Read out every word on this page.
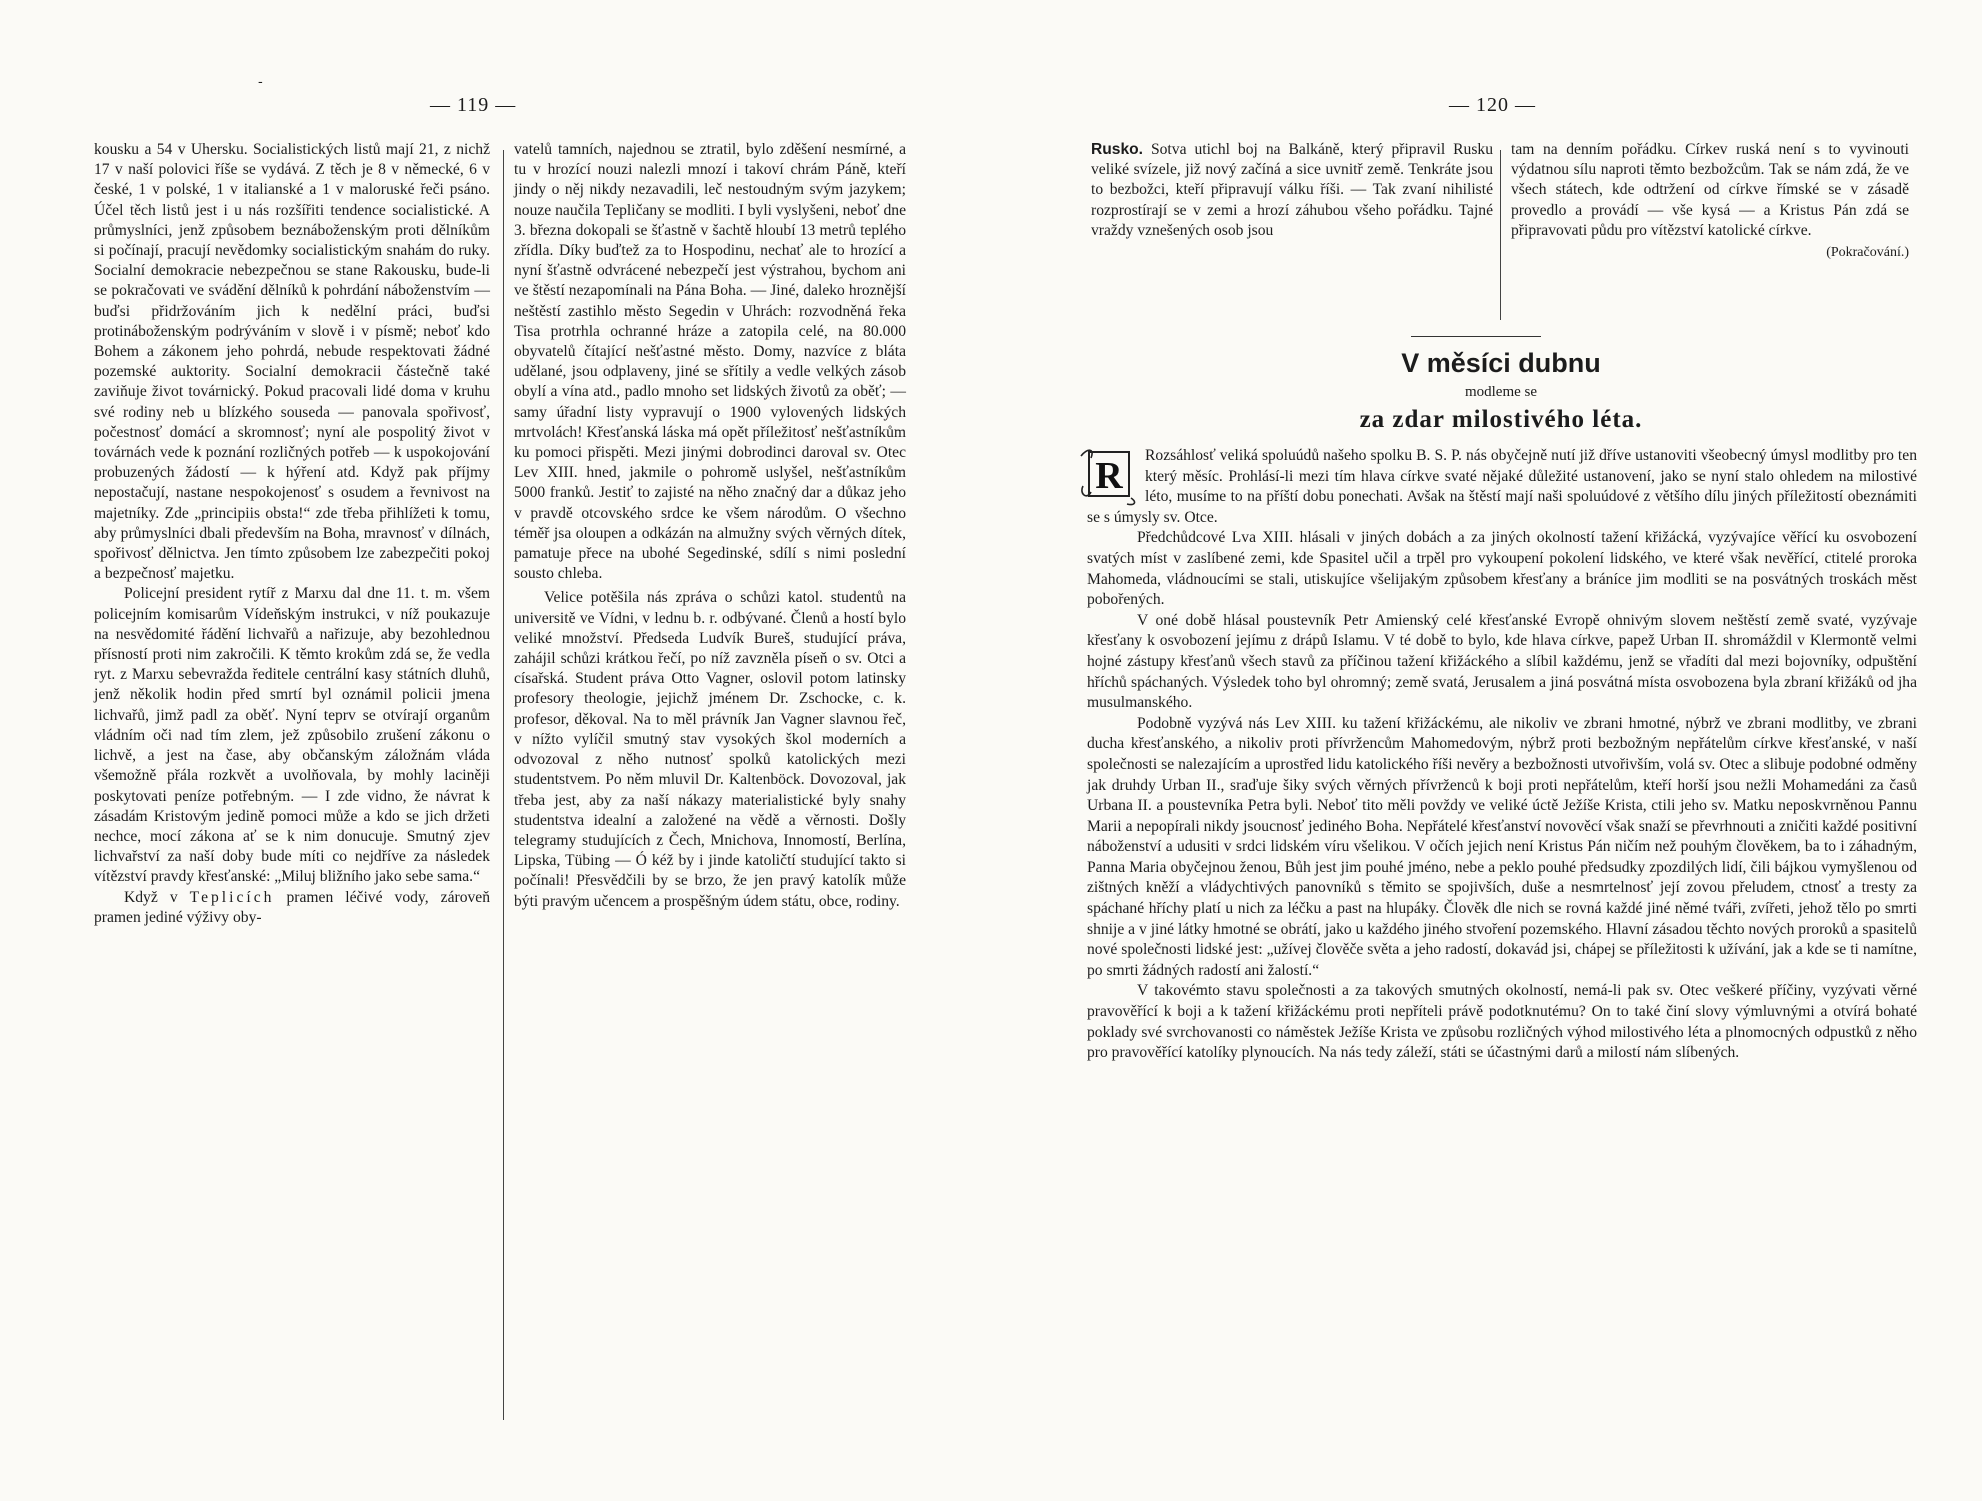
-
— 119 —

kousku a 54 v Uhersku. Socialistických listů mají 21, z nichž 17 v naší polovici říše se vydává. Z těch je 8 v německé, 6 v české, 1 v polské, 1 v italianské a 1 v maloruské řeči psáno. Účel těch listů jest i u nás rozšířiti tendence socialistické. A průmyslníci, jenž způsobem beznáboženským proti dělníkům si počínají, pracují nevědomky socialistickým snahám do ruky. Socialní demokracie nebezpečnou se stane Rakousku, bude-li se pokračovati ve svádění dělníků k pohrdání náboženstvím — buďsi přidržováním jich k nedělní práci, buďsi protináboženským podrýváním v slově i v písmě; neboť kdo Bohem a zákonem jeho pohrdá, nebude respektovati žádné pozemské auktority. Socialní demokracii částečně také zaviňuje život továrnický. Pokud pracovali lidé doma v kruhu své rodiny neb u blízkého souseda — panovala spořivosť, počestnosť domácí a skromnosť; nyní ale pospolitý život v továrnách vede k poznání rozličných potřeb — k uspokojování probuzených žádostí — k hýření atd. Když pak příjmy nepostačují, nastane nespokojenosť s osudem a řevnivost na majetníky. Zde „principiis obsta!“ zde třeba přihlížeti k tomu, aby průmyslníci dbali především na Boha, mravnosť v dílnách, spořivosť dělnictva. Jen tímto způsobem lze zabezpečiti pokoj a bezpečnosť majetku.

Policejní president rytíř z Marxu dal dne 11. t. m. všem policejním komisarům Vídeňským instrukci, v níž poukazuje na nesvědomité řádění lichvařů a nařizuje, aby bezohlednou přísností proti nim zakročili. K těmto krokům zdá se, že vedla ryt. z Marxu sebevražda ředitele centrální kasy státních dluhů, jenž několik hodin před smrtí byl oznámil policii jmena lichvařů, jimž padl za oběť. Nyní teprv se otvírají organům vládním oči nad tím zlem, jež způsobilo zrušení zákonu o lichvě, a jest na čase, aby občanským záložnám vláda všemožně přála rozkvět a uvolňovala, by mohly laciněji poskytovati peníze potřebným. — I zde vidno, že návrat k zásadám Kristovým jedině pomoci může a kdo se jich držeti nechce, mocí zákona ať se k nim donucuje. Smutný zjev lichvařství za naší doby bude míti co nejdříve za následek vítězství pravdy křesťanské: „Miluj bližního jako sebe sama.“

Když v Teplicích pramen léčivé vody, zároveň pramen jediné výživy oby-

vatelů tamních, najednou se ztratil, bylo zděšení nesmírné, a tu v hrozící nouzi nalezli mnozí i takoví chrám Páně, kteří jindy o něj nikdy nezavadili, leč nestoudným svým jazykem; nouze naučila Tepličany se modliti. I byli vyslyšeni, neboť dne 3. března dokopali se šťastně v šachtě hloubí 13 metrů teplého zřídla. Díky buďtež za to Hospodinu, nechať ale to hrozící a nyní šťastně odvrácené nebezpečí jest výstrahou, bychom ani ve štěstí nezapomínali na Pána Boha. — Jiné, daleko hroznější neštěstí zastihlo město Segedin v Uhrách: rozvodněná řeka Tisa protrhla ochranné hráze a zatopila celé, na 80.000 obyvatelů čítající nešťastné město. Domy, nazvíce z bláta udělané, jsou odplaveny, jiné se sřítily a vedle velkých zásob obylí a vína atd., padlo mnoho set lidských životů za oběť; — samy úřadní listy vypravují o 1900 vylovených lidských mrtvolách! Křesťanská láska má opět příležitosť nešťastníkům ku pomoci přispěti. Mezi jinými dobrodinci daroval sv. Otec Lev XIII. hned, jakmile o pohromě uslyšel, nešťastníkům 5000 franků. Jestiť to zajisté na něho značný dar a důkaz jeho v pravdě otcovského srdce ke všem národům. O všechno téměř jsa oloupen a odkázán na almužny svých věrných dítek, pamatuje přece na ubohé Segedinské, sdílí s nimi poslední sousto chleba.

Velice potěšila nás zpráva o schůzi katol. studentů na universitě ve Vídni, v lednu b. r. odbývané. Členů a hostí bylo veliké množství. Předseda Ludvík Bureš, studující práva, zahájil schůzi krátkou řečí, po níž zavzněla píseň o sv. Otci a císařská. Student práva Otto Vagner, oslovil potom latinsky profesory theologie, jejichž jménem Dr. Zschocke, c. k. profesor, děkoval. Na to měl právník Jan Vagner slavnou řeč, v nížto vylíčil smutný stav vysokých škol moderních a odvozoval z něho nutnosť spolků katolických mezi studentstvem. Po něm mluvil Dr. Kaltenböck. Dovozoval, jak třeba jest, aby za naší nákazy materialistické byly snahy studentstva idealní a založené na vědě a věrnosti. Došly telegramy studujících z Čech, Mnichova, Innomostí, Berlína, Lipska, Tübing — Ó kéž by i jinde katoličtí studující takto si počínali! Přesvědčili by se brzo, že jen pravý katolík může býti pravým učencem a prospěšným údem státu, obce, rodiny.

— 120 —

Rusko. Sotva utichl boj na Balkáně, který připravil Rusku veliké svízele, již nový začíná a sice uvnitř země. Tenkráte jsou to bezbožci, kteří připravují válku říši. — Tak zvaní nihilisté rozprostírají se v zemi a hrozí záhubou všeho pořádku. Tajné vraždy vznešených osob jsou

tam na denním pořádku. Církev ruská není s to vyvinouti výdatnou sílu naproti těmto bezbožcům. Tak se nám zdá, že ve všech státech, kde odtržení od církve římské se v zásadě provedlo a provádí — vše kysá — a Kristus Pán zdá se připravovati půdu pro vítězství katolické církve.

(Pokračování.)

V měsíci dubnu
modleme se
za zdar milostivého léta.
R	Rozsáhlosť veliká spoluúdů našeho spolku B. S. P. nás obyčejně nutí již dříve ustanoviti všeobecný úmysl modlitby pro ten který měsíc. Prohlásí-li mezi tím hlava církve svaté nějaké důležité ustanovení, jako se nyní stalo ohledem na milostivé léto, musíme to na příští dobu ponechati. Avšak na štěstí mají naši spoluúdové z většího dílu jiných příležitostí obeznámiti se s úmysly sv. Otce.

Předchůdcové Lva XIII. hlásali v jiných dobách a za jiných okolností tažení křižácká, vyzývajíce věřící ku osvobození svatých míst v zaslíbené zemi, kde Spasitel učil a trpěl pro vykoupení pokolení lidského, ve které však nevěřící, ctitelé proroka Mahomeda, vládnoucími se stali, utiskujíce všelijakým způsobem křesťany a bráníce jim modliti se na posvátných troskách měst pobořených.

V oné době hlásal poustevník Petr Amienský celé křesťanské Evropě ohnivým slovem neštěstí země svaté, vyzývaje křesťany k osvobození jejímu z drápů Islamu. V té době to bylo, kde hlava církve, papež Urban II. shromáždil v Klermontě velmi hojné zástupy křesťanů všech stavů za příčinou tažení křižáckého a slíbil každému, jenž se vřadíti dal mezi bojovníky, odpuštění hříchů spáchaných. Výsledek toho byl ohromný; země svatá, Jerusalem a jiná posvátná místa osvobozena byla zbraní křižáků od jha musulmanského.

Podobně vyzývá nás Lev XIII. ku tažení křižáckému, ale nikoliv ve zbrani hmotné, nýbrž ve zbrani modlitby, ve zbrani ducha křesťanského, a nikoliv proti přívržencům Mahomedovým, nýbrž proti bezbožným nepřátelům církve křesťanské, v naší společnosti se nalezajícím a uprostřed lidu katolického říši nevěry a bezbožnosti utvořivším, volá sv. Otec a slibuje podobné odměny jak druhdy Urban II., sraďuje šiky svých věrných přívrženců k boji proti nepřátelům, kteří horší jsou nežli Mohamedáni za časů Urbana II. a poustevníka Petra byli. Neboť tito měli povždy ve veliké úctě Ježíše Krista, ctili jeho sv. Matku neposkvrněnou Pannu Marii a nepopírali nikdy jsoucnosť jediného Boha. Nepřátelé křesťanství novověcí však snaží se převrhnouti a zničiti každé positivní náboženství a udusiti v srdci lidském víru všelikou. V očích jejich není Kristus Pán ničím než pouhým člověkem, ba to i záhadným, Panna Maria obyčejnou ženou, Bůh jest jim pouhé jméno, nebe a peklo pouhé předsudky zpozdilých lidí, čili bájkou vymyšlenou od zištných kněží a vládychtivých panovníků s těmito se spojivších, duše a nesmrtelnosť její zovou přeludem, ctnosť a tresty za spáchané hříchy platí u nich za léčku a past na hlupáky. Člověk dle nich se rovná každé jiné němé tváři, zvířeti, jehož tělo po smrti shnije a v jiné látky hmotné se obrátí, jako u každého jiného stvoření pozemského. Hlavní zásadou těchto nových proroků a spasitelů nové společnosti lidské jest: „užívej člověče světa a jeho radostí, dokavád jsi, chápej se příležitosti k užívání, jak a kde se ti namítne, po smrti žádných radostí ani žalostí.“

V takovémto stavu společnosti a za takových smutných okolností, nemá-li pak sv. Otec veškeré příčiny, vyzývati věrné pravověřící k boji a k tažení křižáckému proti nepříteli právě podotknutému? On to také činí slovy výmluvnými a otvírá bohaté poklady své svrchovanosti co náměstek Ježíše Krista ve způsobu rozličných výhod milostivého léta a plnomocných odpustků z něho pro pravověřící katolíky plynoucích. Na nás tedy záleží, státi se účastnými darů a milostí nám slíbených.
